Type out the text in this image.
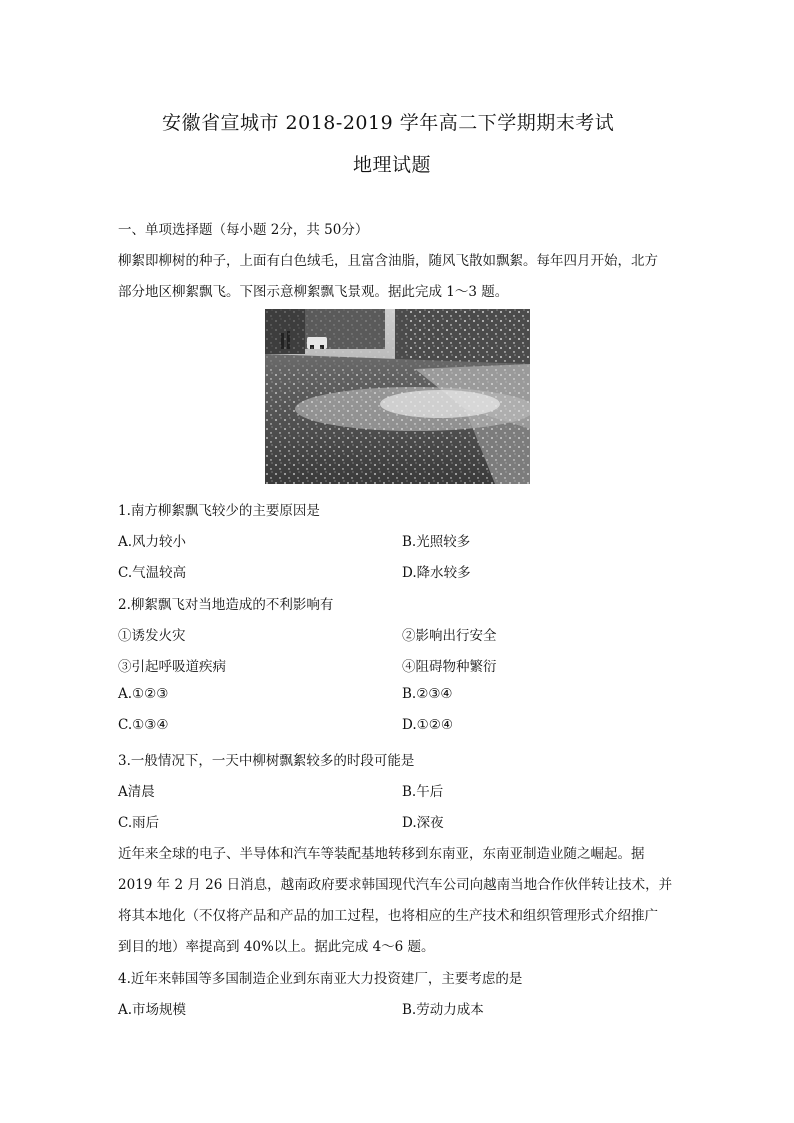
安徽省宣城市 2018-2019 学年高二下学期期末考试
地理试题
一、单项选择题（每小题 2分，共 50分）
柳絮即柳树的种子，上面有白色绒毛，且富含油脂，随风飞散如飘絮。每年四月开始，北方
部分地区柳絮飘飞。下图示意柳絮飘飞景观。据此完成 1～3 题。
1.南方柳絮飘飞较少的主要原因是
A.风力较小	B.光照较多
C.气温较高	D.降水较多
2.柳絮飘飞对当地造成的不利影响有
①诱发火灾	②影响出行安全
③引起呼吸道疾病	④阻碍物种繁衍
A.①②③	B.②③④
C.①③④	D.①②④
3.一般情况下，一天中柳树飘絮较多的时段可能是
A清晨	B.午后
C.雨后	D.深夜
近年来全球的电子、半导体和汽车等装配基地转移到东南亚，东南亚制造业随之崛起。据
2019 年 2 月 26 日消息，越南政府要求韩国现代汽车公司向越南当地合作伙伴转让技术，并
将其本地化（不仅将产品和产品的加工过程，也将相应的生产技术和组织管理形式介绍推广
到目的地）率提高到 40%以上。据此完成 4～6 题。
4.近年来韩国等多国制造企业到东南亚大力投资建厂，主要考虑的是
A.市场规模	B.劳动力成本
